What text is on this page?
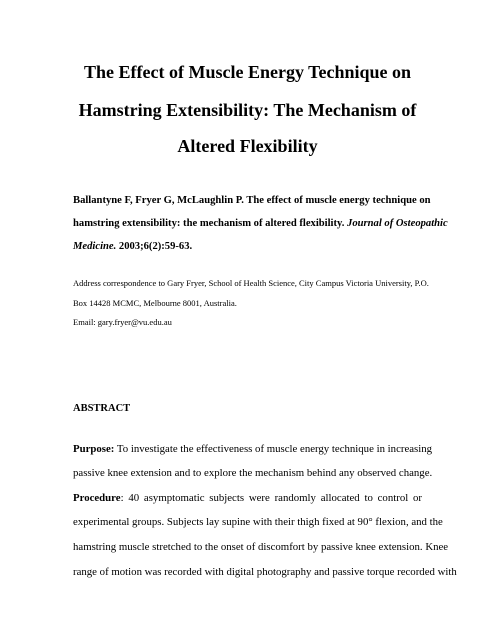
The Effect of Muscle Energy Technique on
Hamstring Extensibility: The Mechanism of
Altered Flexibility
Ballantyne F, Fryer G, McLaughlin P. The effect of muscle energy technique on
hamstring extensibility: the mechanism of altered flexibility. Journal of Osteopathic
Medicine. 2003;6(2):59-63.
Address correspondence to Gary Fryer, School of Health Science, City Campus Victoria University, P.O.
Box 14428 MCMC, Melbourne 8001, Australia.
Email: gary.fryer@vu.edu.au
ABSTRACT
Purpose: To investigate the effectiveness of muscle energy technique in increasing
passive knee extension and to explore the mechanism behind any observed change.
Procedure: 40 asymptomatic subjects were randomly allocated to control or
experimental groups. Subjects lay supine with their thigh fixed at 90° flexion, and the
hamstring muscle stretched to the onset of discomfort by passive knee extension. Knee
range of motion was recorded with digital photography and passive torque recorded with
